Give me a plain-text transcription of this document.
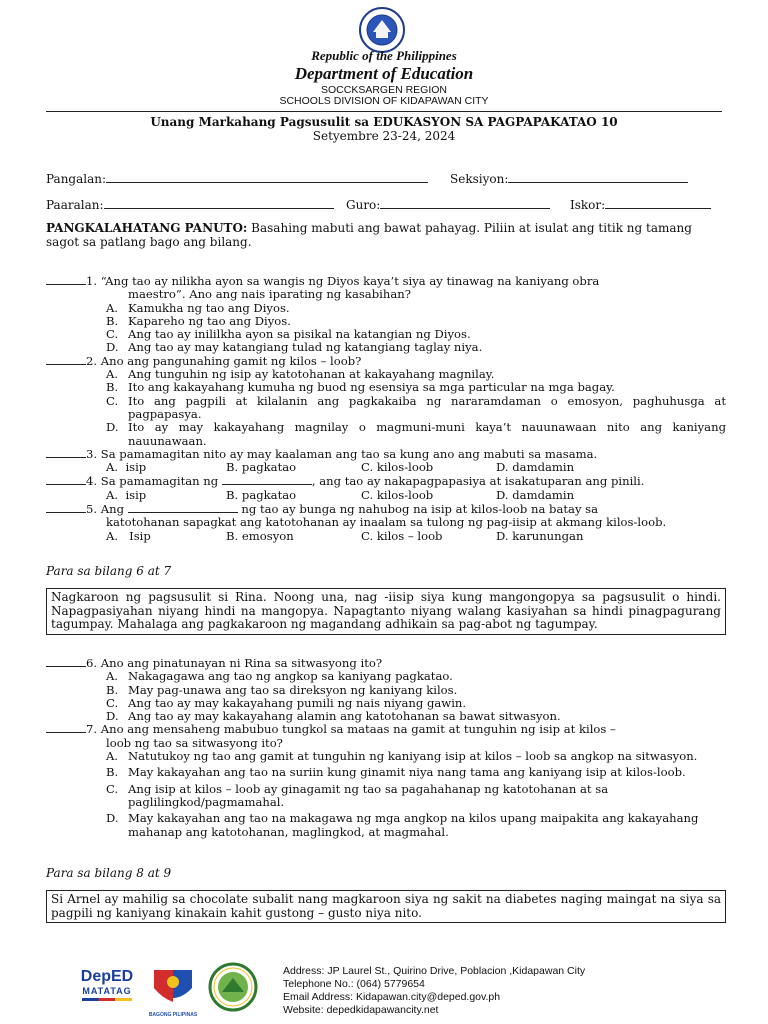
Republic of the Philippines
Department of Education
SOCCKSARGEN REGION
SCHOOLS DIVISION OF KIDAPAWAN CITY
Unang Markahang Pagsusulit sa EDUKASYON SA PAGPAPAKATAO 10
Setyembre 23-24, 2024
Pangalan:	Seksiyon:
Paaralan:	Guro:	Iskor:
PANGKALAHATANG PANUTO: Basahing mabuti ang bawat pahayag. Piliin at isulat ang titik ng tamang sagot sa patlang bago ang bilang.
1. “Ang tao ay nilikha ayon sa wangis ng Diyos kaya’t siya ay tinawag na kaniyang obra
maestro”. Ano ang nais iparating ng kasabihan?
A. Kamukha ng tao ang Diyos.
B. Kapareho ng tao ang Diyos.
C. Ang tao ay inililkha ayon sa pisikal na katangian ng Diyos.
D. Ang tao ay may katangiang tulad ng katangiang taglay niya.
2. Ano ang pangunahing gamit ng kilos – loob?
A. Ang tunguhin ng isip ay katotohanan at kakayahang magnilay.
B. Ito ang kakayahang kumuha ng buod ng esensiya sa mga particular na mga bagay.
C. Ito ang pagpili at kilalanin ang pagkakaiba ng nararamdaman o emosyon, paghuhusga at pagpapasya.
D. Ito ay may kakayahang magnilay o magmuni-muni kaya’t nauunawaan nito ang kaniyang nauunawaan.
3. Sa pamamagitan nito ay may kaalaman ang tao sa kung ano ang mabuti sa masama.
A. isip	B. pagkatao	C. kilos-loob	D. damdamin
4. Sa pamamagitan ng	, ang tao ay nakapagpapasiya at isakatuparan ang pinili.
A. isip	B. pagkatao	C. kilos-loob	D. damdamin
5. Ang	ng tao ay bunga ng nahubog na isip at kilos-loob na batay sa
katotohanan sapagkat ang katotohanan ay inaalam sa tulong ng pag-iisip at akmang kilos-loob.
A. Isip	B. emosyon	C. kilos – loob	D. karunungan
Para sa bilang 6 at 7
Nagkaroon ng pagsusulit si Rina. Noong una, nag -iisip siya kung mangongopya sa pagsusulit o hindi. Napagpasiyahan niyang hindi na mangopya. Napagtanto niyang walang kasiyahan sa hindi pinagpagurang tagumpay. Mahalaga ang pagkakaroon ng magandang adhikain sa pag-abot ng tagumpay.
6. Ano ang pinatunayan ni Rina sa sitwasyong ito?
A. Nakagagawa ang tao ng angkop sa kaniyang pagkatao.
B. May pag-unawa ang tao sa direksyon ng kaniyang kilos.
C. Ang tao ay may kakayahang pumili ng nais niyang gawin.
D. Ang tao ay may kakayahang alamin ang katotohanan sa bawat sitwasyon.
7. Ano ang mensaheng mabubuo tungkol sa mataas na gamit at tunguhin ng isip at kilos –
loob ng tao sa sitwasyong ito?
A. Natutukoy ng tao ang gamit at tunguhin ng kaniyang isip at kilos – loob sa angkop na sitwasyon.
B. May kakayahan ang tao na suriin kung ginamit niya nang tama ang kaniyang isip at kilos-loob.
C. Ang isip at kilos – loob ay ginagamit ng tao sa pagahahanap ng katotohanan at sa paglilingkod/pagmamahal.
D. May kakayahan ang tao na makagawa ng mga angkop na kilos upang maipakita ang kakayahang mahanap ang katotohanan, maglingkod, at magmahal.
Para sa bilang 8 at 9
Si Arnel ay mahilig sa chocolate subalit nang magkaroon siya ng sakit na diabetes naging maingat na siya sa pagpili ng kaniyang kinakain kahit gustong – gusto niya nito.
DepED
MATATAG
BAGONG PILIPINAS
Address: JP Laurel St., Quirino Drive, Poblacion ,Kidapawan City
Telephone No.: (064) 5779654
Email Address: Kidapawan.city@deped.gov.ph
Website: depedkidapawancity.net
